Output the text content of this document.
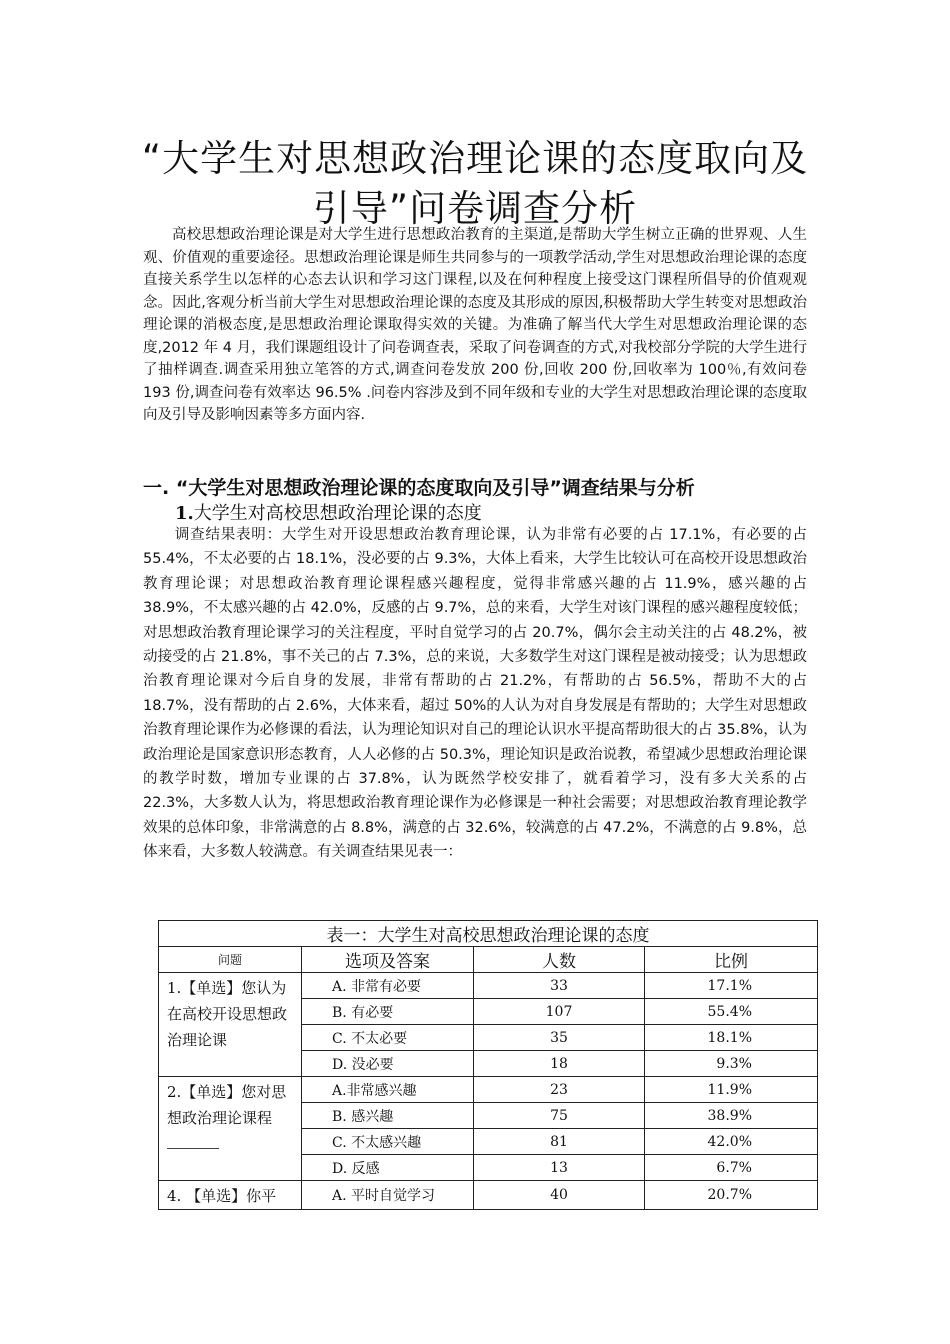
“大学生对思想政治理论课的态度取向及
引导”问卷调查分析
高校思想政治理论课是对大学生进行思想政治教育的主渠道,是帮助大学生树立正确的世界观、人生观、价值观的重要途径。思想政治理论课是师生共同参与的一项教学活动,学生对思想政治理论课的态度直接关系学生以怎样的心态去认识和学习这门课程,以及在何种程度上接受这门课程所倡导的价值观观念。因此,客观分析当前大学生对思想政治理论课的态度及其形成的原因,积极帮助大学生转变对思想政治理论课的消极态度,是思想政治理论课取得实效的关键。为准确了解当代大学生对思想政治理论课的态度,2012 年 4 月，我们课题组设计了问卷调查表，采取了问卷调查的方式,对我校部分学院的大学生进行了抽样调查.调查采用独立笔答的方式,调查问卷发放 200 份,回收 200 份,回收率为 100％,有效问卷 193 份,调查问卷有效率达 96.5% .问卷内容涉及到不同年级和专业的大学生对思想政治理论课的态度取向及引导及影响因素等多方面内容.
一. “大学生对思想政治理论课的态度取向及引导”调查结果与分析
1.大学生对高校思想政治理论课的态度
调查结果表明：大学生对开设思想政治教育理论课，认为非常有必要的占 17.1%，有必要的占 55.4%，不太必要的占 18.1%，没必要的占 9.3%，大体上看来，大学生比较认可在高校开设思想政治教育理论课；对思想政治教育理论课程感兴趣程度，觉得非常感兴趣的占 11.9%，感兴趣的占 38.9%，不太感兴趣的占 42.0%，反感的占 9.7%，总的来看，大学生对该门课程的感兴趣程度较低；对思想政治教育理论课学习的关注程度，平时自觉学习的占 20.7%，偶尔会主动关注的占 48.2%，被动接受的占 21.8%，事不关己的占 7.3%，总的来说，大多数学生对这门课程是被动接受；认为思想政治教育理论课对今后自身的发展，非常有帮助的占 21.2%，有帮助的占 56.5%，帮助不大的占 18.7%，没有帮助的占 2.6%，大体来看，超过 50%的人认为对自身发展是有帮助的；大学生对思想政治教育理论课作为必修课的看法，认为理论知识对自己的理论认识水平提高帮助很大的占 35.8%，认为政治理论是国家意识形态教育，人人必修的占 50.3%，理论知识是政治说教，希望减少思想政治理论课的教学时数，增加专业课的占 37.8%，认为既然学校安排了，就看着学习，没有多大关系的占 22.3%，大多数人认为，将思想政治教育理论课作为必修课是一种社会需要；对思想政治教育理论教学效果的总体印象，非常满意的占 8.8%，满意的占 32.6%，较满意的占 47.2%，不满意的占 9.8%，总体来看，大多数人较满意。有关调查结果见表一：
表一：大学生对高校思想政治理论课的态度			
问题	选项及答案	人数	比例
1.【单选】您认为在高校开设思想政治理论课	A. 非常有必要	33	17.1%
	B. 有必要	107	55.4%
	C. 不太必要	35	18.1%
	D. 没必要	18	9.3%
2.【单选】您对思想政治理论课程	A.非常感兴趣	23	11.9%
	B. 感兴趣	75	38.9%
	C. 不太感兴趣	81	42.0%
	D. 反感	13	6.7%
4. 【单选】你平	A. 平时自觉学习	40	20.7%
